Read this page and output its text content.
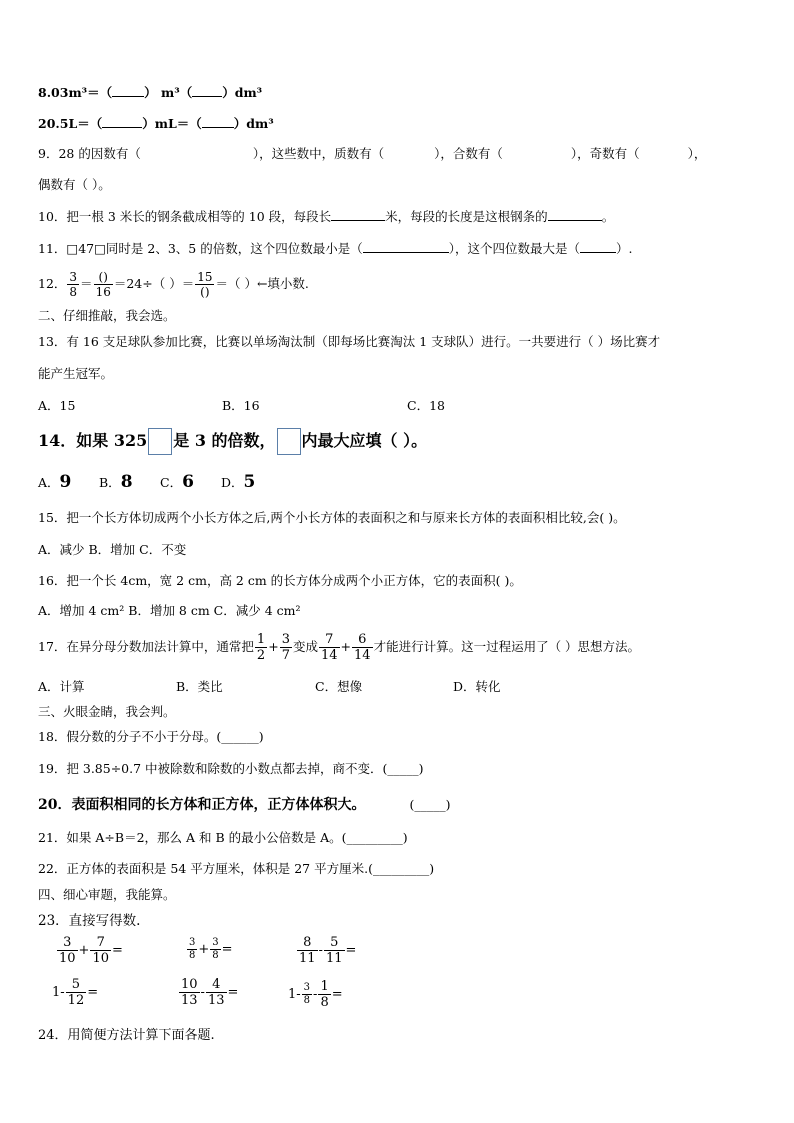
8.03m³＝（	） m³（ ）dm³
20.5L＝（	）mL＝（	）dm³
9．28 的因数有（	），这些数中，质数有（	），合数有（	），奇数有（	），
偶数有（ ）。
10．把一根 3 米长的钢条截成相等的 10 段，每段长	米，每段的长度是这根钢条的	。
11．□47□同时是 2、3、5 的倍数，这个四位数最小是（	），这个四位数最大是（	）.
12． $\frac{3}{8} = \frac{()}{16} =24\div$（ ）＝ $\frac{15}{()}$ ＝（ ）←填小数.
二、仔细推敲，我会选。
13．有 16 支足球队参加比赛，比赛以单场淘汰制（即每场比赛淘汰 1 支球队）进行。一共要进行（ ）场比赛才
能产生冠军。
A．15	B．16	C．18
14．如果 325 是 3 的倍数， 内最大应填（ ）。
A．9 B．8 C．6 D．5
15．把一个长方体切成两个小长方体之后,两个小长方体的表面积之和与原来长方体的表面积相比较,会( )。
A．减少 B．增加 C．不变
16．把一个长 4cm，宽 2 cm，高 2 cm 的长方体分成两个小正方体，它的表面积( )。
A．增加 4 cm² B．增加 8 cm C．减少 4 cm²
17．在异分母分数加法计算中，通常把 $\frac{1}{2} + \frac{3}{7}$ 变成 $\frac{7}{14} + \frac{6}{14}$ 才能进行计算。这一过程运用了（ ）思想方法。
A．计算	B．类比	C．想像	D．转化
三、火眼金睛，我会判。
18．假分数的分子不小于分母。(______)
19．把 3.85÷0.7 中被除数和除数的小数点都去掉，商不变．(_____)
20．表面积相同的长方体和正方体，正方体体积大。	(_____)
21．如果 A÷B＝2，那么 A 和 B 的最小公倍数是 A。(_________)
22．正方体的表面积是 54 平方厘米，体积是 27 平方厘米.(_________)
四、细心审题，我能算。
23．直接写得数.
$\frac{3}{10} + \frac{7}{10}$ =	$\frac{3}{8} + \frac{3}{8}$ =	$\frac{8}{11} - \frac{5}{11}$ =
$1- \frac{5}{12}$ =	$\frac{10}{13} - \frac{4}{13}$ =	$1- \frac{3}{8} - \frac{1}{8}$ =
24．用简便方法计算下面各题.
